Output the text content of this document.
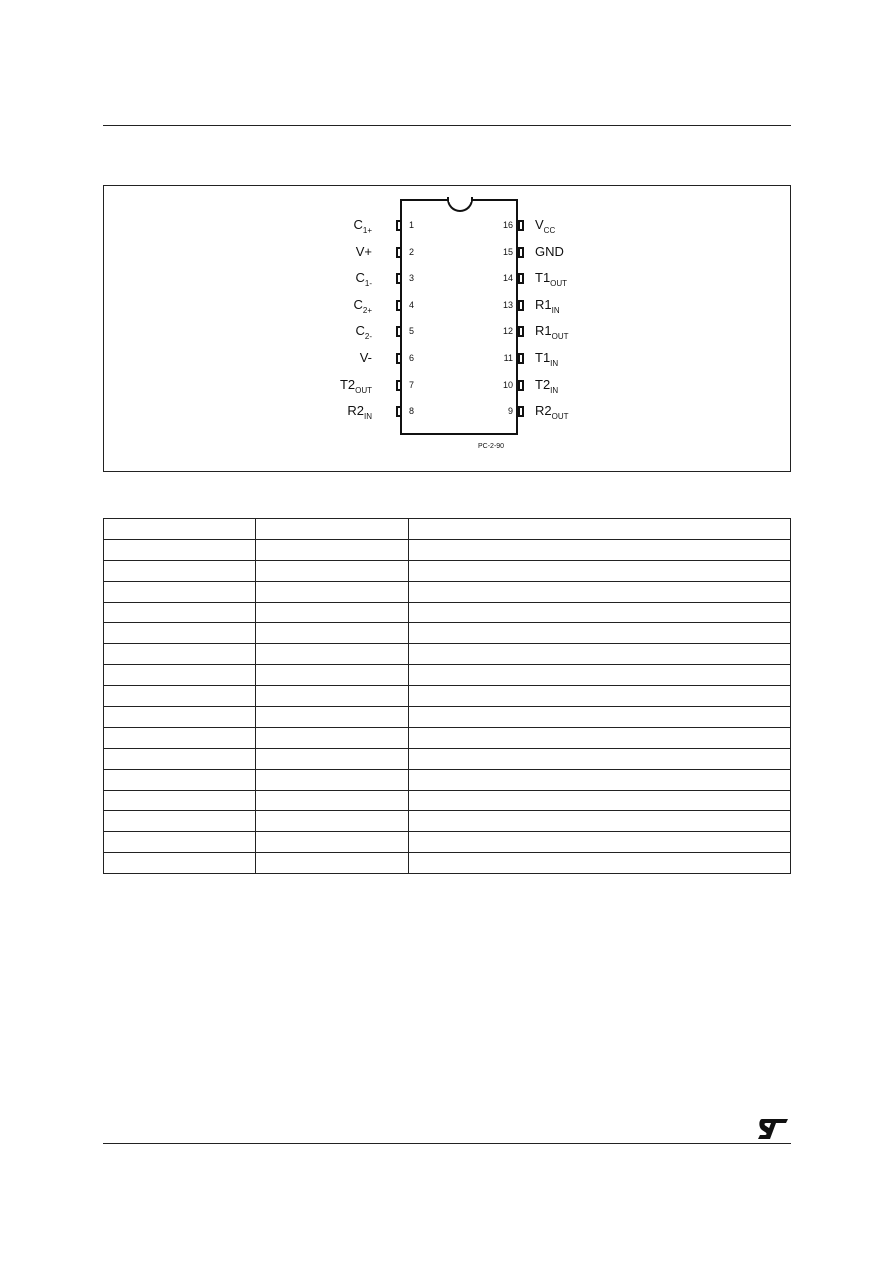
1
$C_{1+}$
2
V+
3
$C_{1-}$
4
$C_{2+}$
5
$C_{2-}$
6
V-
7
$T2_{OUT}$
8
$R2_{IN}$
16 $V_{CC}$
15 GND
14 $T1_{OUT}$
13 $R1_{IN}$
12 $R1_{OUT}$
11 $T1_{IN}$
10 $T2_{IN}$
9 $R2_{OUT}$
PC-2-90
